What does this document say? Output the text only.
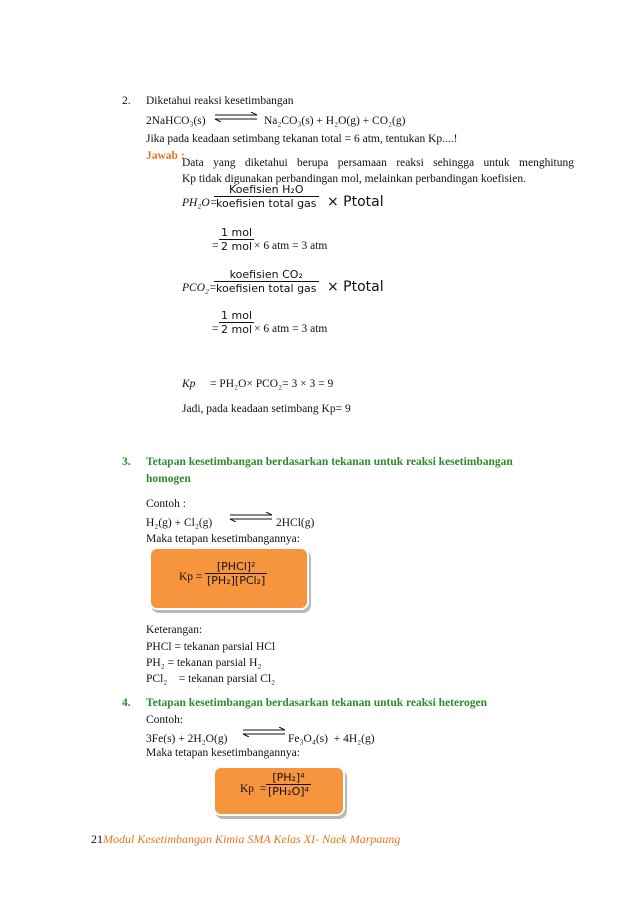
2. Diketahui reaksi kesetimbangan
2NaHCO₃(s) ⇌ Na₂CO₃(s) + H₂O(g) + CO₂(g)
Jika pada keadaan setimbang tekanan total = 6 atm, tentukan Kp....!
Jawab :
Data yang diketahui berupa persamaan reaksi sehingga untuk menghitung
Kp tidak digunakan perbandingan mol, melainkan perbandingan koefisien.
PH₂O=
Koefisien H₂O
koefisien total gas × Ptotal
=
1 mol
2 mol × 6 atm = 3 atm
PCO₂=
koefisien CO₂
koefisien total gas × Ptotal
=
1 mol
2 mol × 6 atm = 3 atm
Kp = PH₂O× PCO₂= 3 × 3 = 9
Jadi, pada keadaan setimbang Kp= 9
3. Tetapan kesetimbangan berdasarkan tekanan untuk reaksi kesetimbangan
homogen
Contoh :
H₂(g) + Cl₂(g) ⇌ 2HCl(g)
Maka tetapan kesetimbangannya:
Kp =
[PHCl]²
[PH₂][PCl₂]
Keterangan:
PHCl = tekanan parsial HCl
PH₂ = tekanan parsial H₂
PCl₂    = tekanan parsial Cl₂
4. Tetapan kesetimbangan berdasarkan tekanan untuk reaksi heterogen
Contoh:
3Fe(s) + 2H₂O(g)	Fe₃O₄(s)  + 4H₂(g)
Maka tetapan kesetimbangannya:
$Kp = \frac{\text{[PH₂]⁴}}{\text{[PH₂O]⁴}}$
21Modul Kesetimbangan Kimia SMA Kelas XI- Naek Marpaung
